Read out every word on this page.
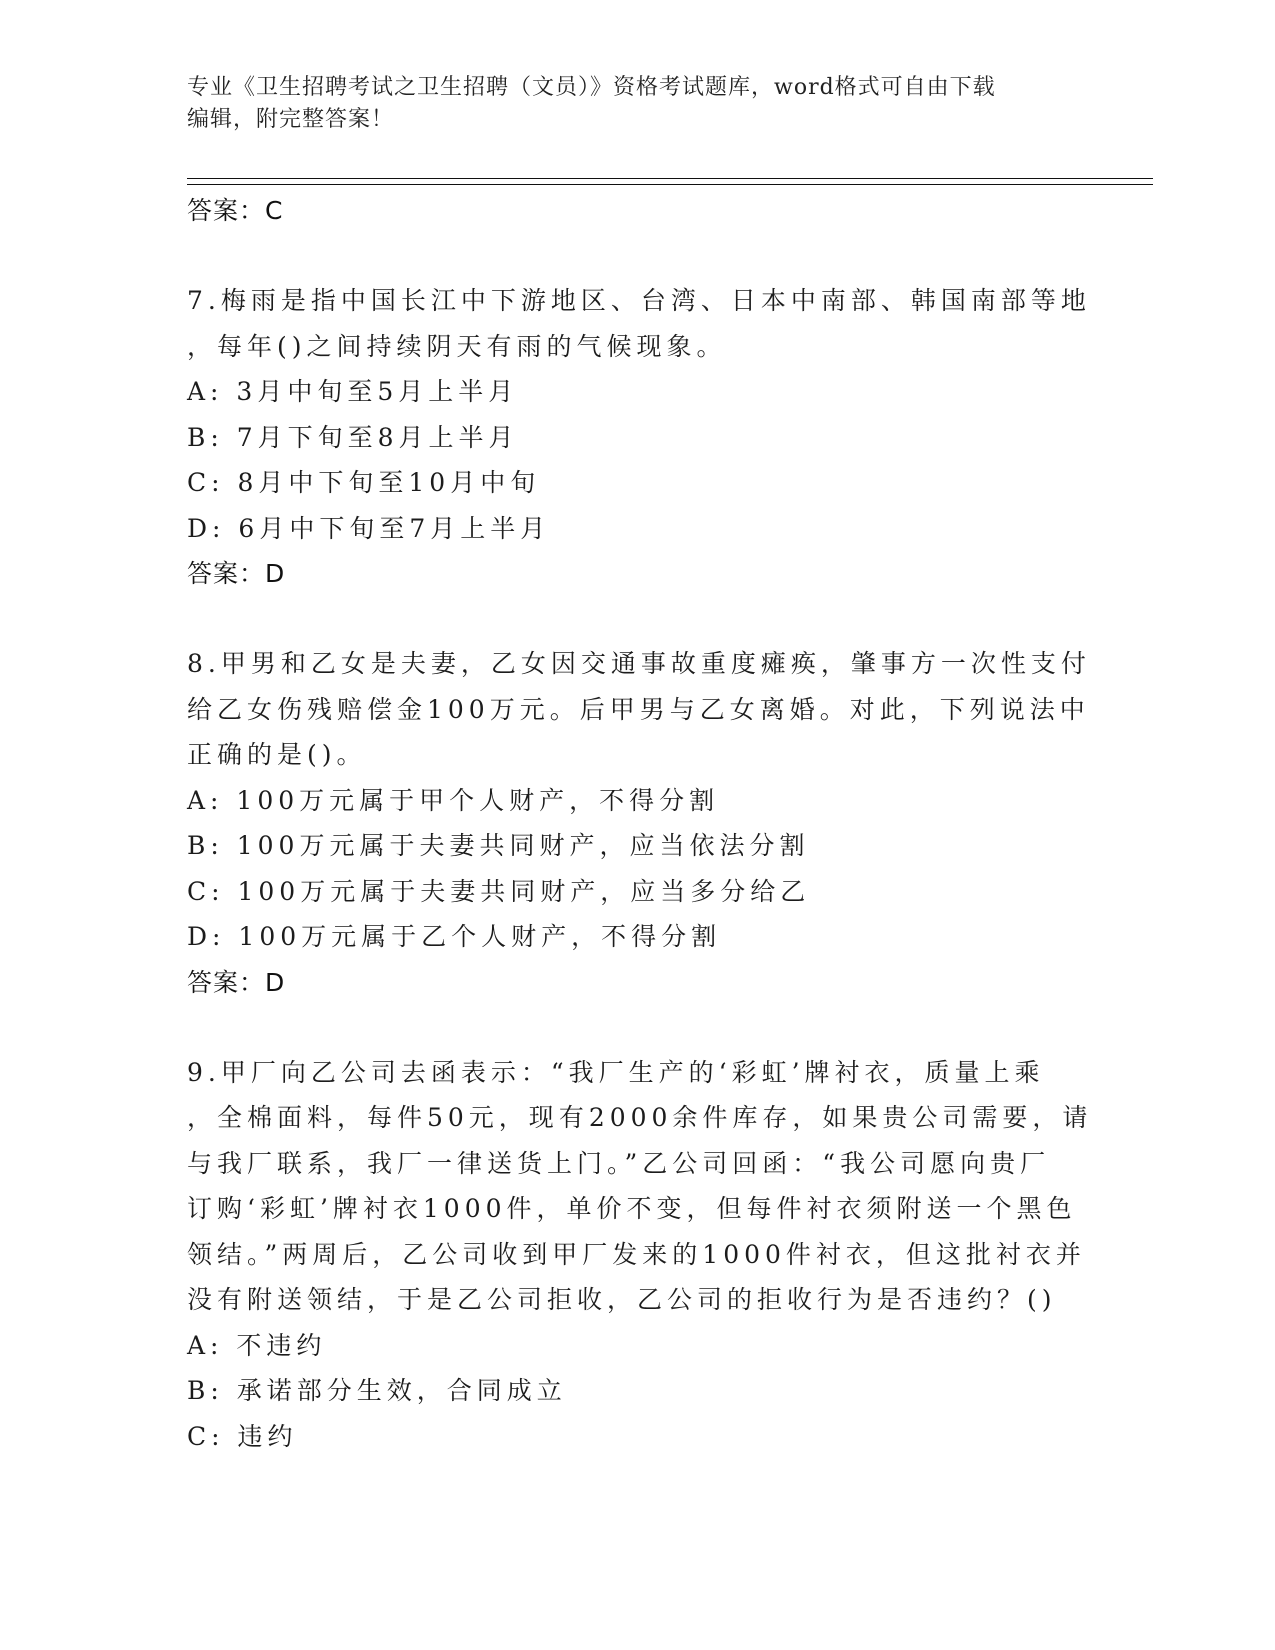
专业《卫生招聘考试之卫生招聘（文员）》资格考试题库，word格式可自由下载
编辑，附完整答案！
答案：C
7.梅雨是指中国长江中下游地区、台湾、日本中南部、韩国南部等地
，每年()之间持续阴天有雨的气候现象。
A: 3月中旬至5月上半月
B: 7月下旬至8月上半月
C: 8月中下旬至10月中旬
D: 6月中下旬至7月上半月
答案：D
8.甲男和乙女是夫妻，乙女因交通事故重度瘫痪，肇事方一次性支付
给乙女伤残赔偿金100万元。后甲男与乙女离婚。对此，下列说法中
正确的是()。
A: 100万元属于甲个人财产，不得分割
B: 100万元属于夫妻共同财产，应当依法分割
C: 100万元属于夫妻共同财产，应当多分给乙
D: 100万元属于乙个人财产，不得分割
答案：D
9.甲厂向乙公司去函表示：“我厂生产的‘彩虹’牌衬衣，质量上乘
，全棉面料，每件50元，现有2000余件库存，如果贵公司需要，请
与我厂联系，我厂一律送货上门。”乙公司回函：“我公司愿向贵厂
订购‘彩虹’牌衬衣1000件，单价不变，但每件衬衣须附送一个黑色
领结。”两周后，乙公司收到甲厂发来的1000件衬衣，但这批衬衣并
没有附送领结，于是乙公司拒收，乙公司的拒收行为是否违约？()
A: 不违约
B: 承诺部分生效，合同成立
C: 违约
